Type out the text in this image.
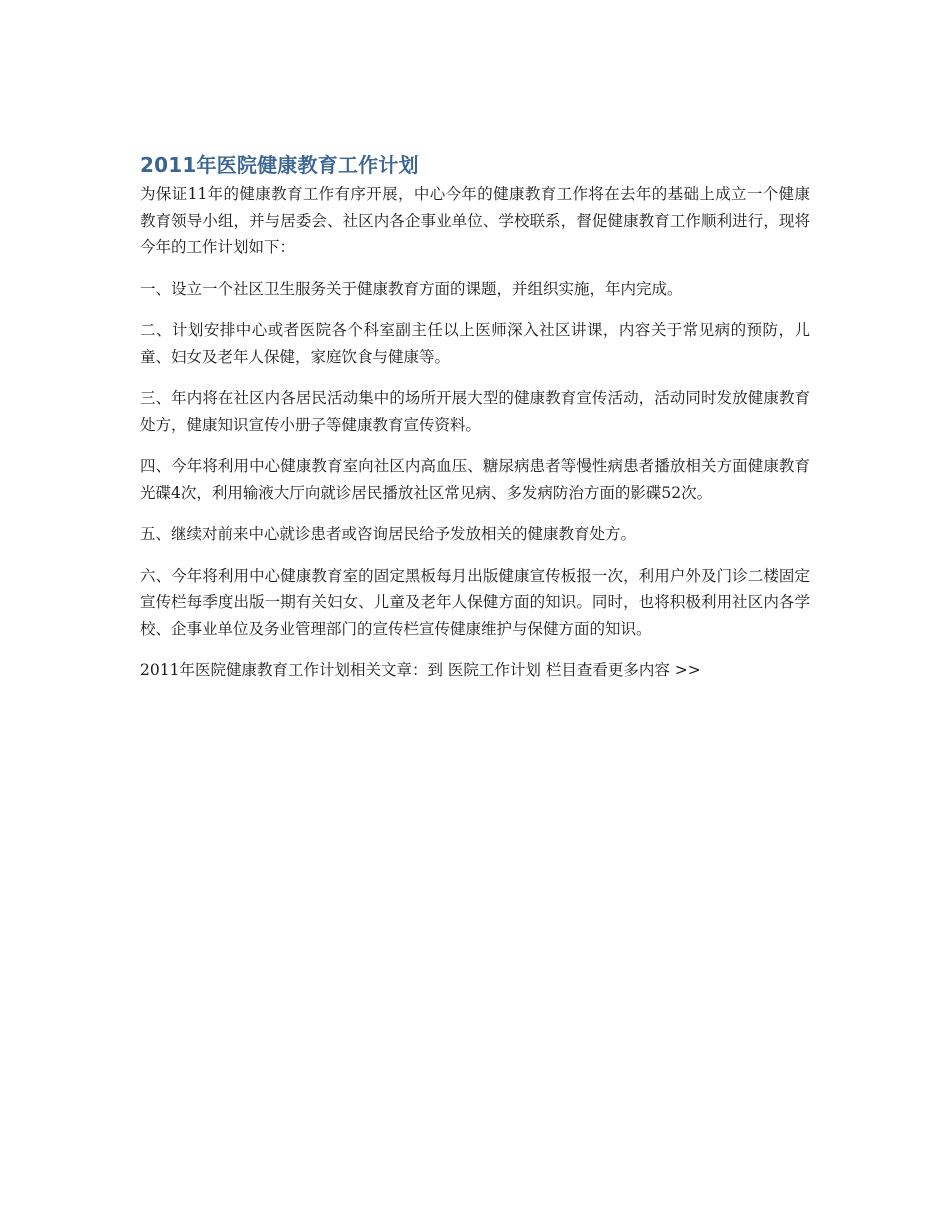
2011年医院健康教育工作计划

为保证11年的健康教育工作有序开展，中心今年的健康教育工作将在去年的基础上成立一个健康教育领导小组，并与居委会、社区内各企事业单位、学校联系，督促健康教育工作顺利进行，现将今年的工作计划如下：

一、设立一个社区卫生服务关于健康教育方面的课题，并组织实施，年内完成。

二、计划安排中心或者医院各个科室副主任以上医师深入社区讲课，内容关于常见病的预防，儿童、妇女及老年人保健，家庭饮食与健康等。

三、年内将在社区内各居民活动集中的场所开展大型的健康教育宣传活动，活动同时发放健康教育处方，健康知识宣传小册子等健康教育宣传资料。

四、今年将利用中心健康教育室向社区内高血压、糖尿病患者等慢性病患者播放相关方面健康教育光碟4次，利用输液大厅向就诊居民播放社区常见病、多发病防治方面的影碟52次。

五、继续对前来中心就诊患者或咨询居民给予发放相关的健康教育处方。

六、今年将利用中心健康教育室的固定黑板每月出版健康宣传板报一次，利用户外及门诊二楼固定宣传栏每季度出版一期有关妇女、儿童及老年人保健方面的知识。同时，也将积极利用社区内各学校、企事业单位及务业管理部门的宣传栏宣传健康维护与保健方面的知识。

2011年医院健康教育工作计划相关文章：到 医院工作计划 栏目查看更多内容 >>
